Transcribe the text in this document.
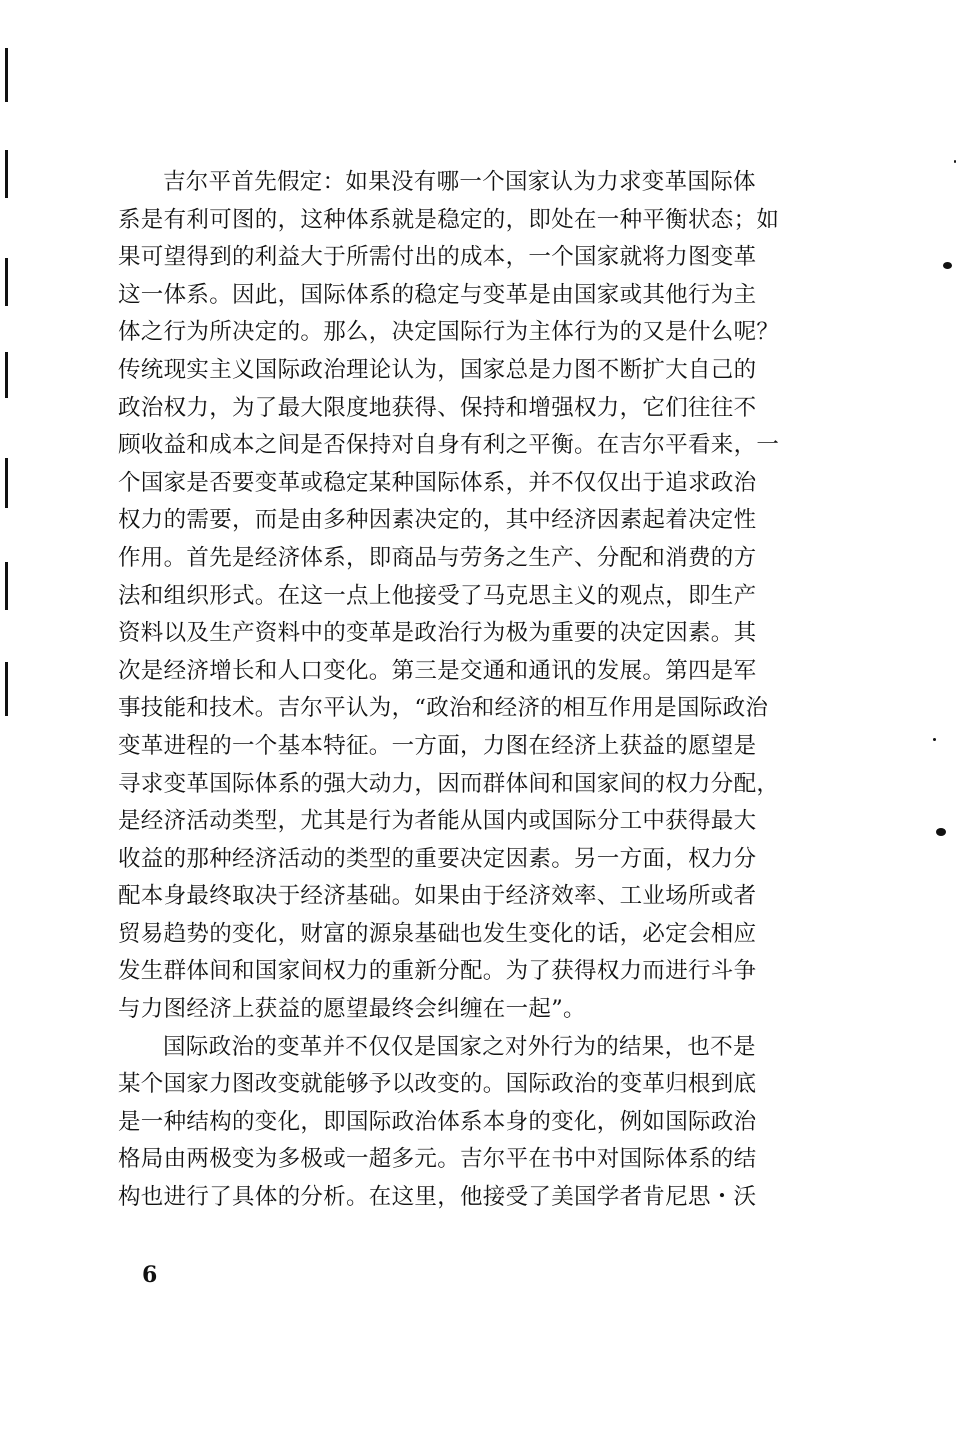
吉尔平首先假定：如果没有哪一个国家认为力求变革国际体
系是有利可图的，这种体系就是稳定的，即处在一种平衡状态；如
果可望得到的利益大于所需付出的成本，一个国家就将力图变革
这一体系。因此，国际体系的稳定与变革是由国家或其他行为主
体之行为所决定的。那么，决定国际行为主体行为的又是什么呢？
传统现实主义国际政治理论认为，国家总是力图不断扩大自己的
政治权力，为了最大限度地获得、保持和增强权力，它们往往不
顾收益和成本之间是否保持对自身有利之平衡。在吉尔平看来，一
个国家是否要变革或稳定某种国际体系，并不仅仅出于追求政治
权力的需要，而是由多种因素决定的，其中经济因素起着决定性
作用。首先是经济体系，即商品与劳务之生产、分配和消费的方
法和组织形式。在这一点上他接受了马克思主义的观点，即生产
资料以及生产资料中的变革是政治行为极为重要的决定因素。其
次是经济增长和人口变化。第三是交通和通讯的发展。第四是军
事技能和技术。吉尔平认为，“政治和经济的相互作用是国际政治
变革进程的一个基本特征。一方面，力图在经济上获益的愿望是
寻求变革国际体系的强大动力，因而群体间和国家间的权力分配，
是经济活动类型，尤其是行为者能从国内或国际分工中获得最大
收益的那种经济活动的类型的重要决定因素。另一方面，权力分
配本身最终取决于经济基础。如果由于经济效率、工业场所或者
贸易趋势的变化，财富的源泉基础也发生变化的话，必定会相应
发生群体间和国家间权力的重新分配。为了获得权力而进行斗争
与力图经济上获益的愿望最终会纠缠在一起”。
国际政治的变革并不仅仅是国家之对外行为的结果，也不是
某个国家力图改变就能够予以改变的。国际政治的变革归根到底
是一种结构的变化，即国际政治体系本身的变化，例如国际政治
格局由两极变为多极或一超多元。吉尔平在书中对国际体系的结
构也进行了具体的分析。在这里，他接受了美国学者肯尼思・沃
6
